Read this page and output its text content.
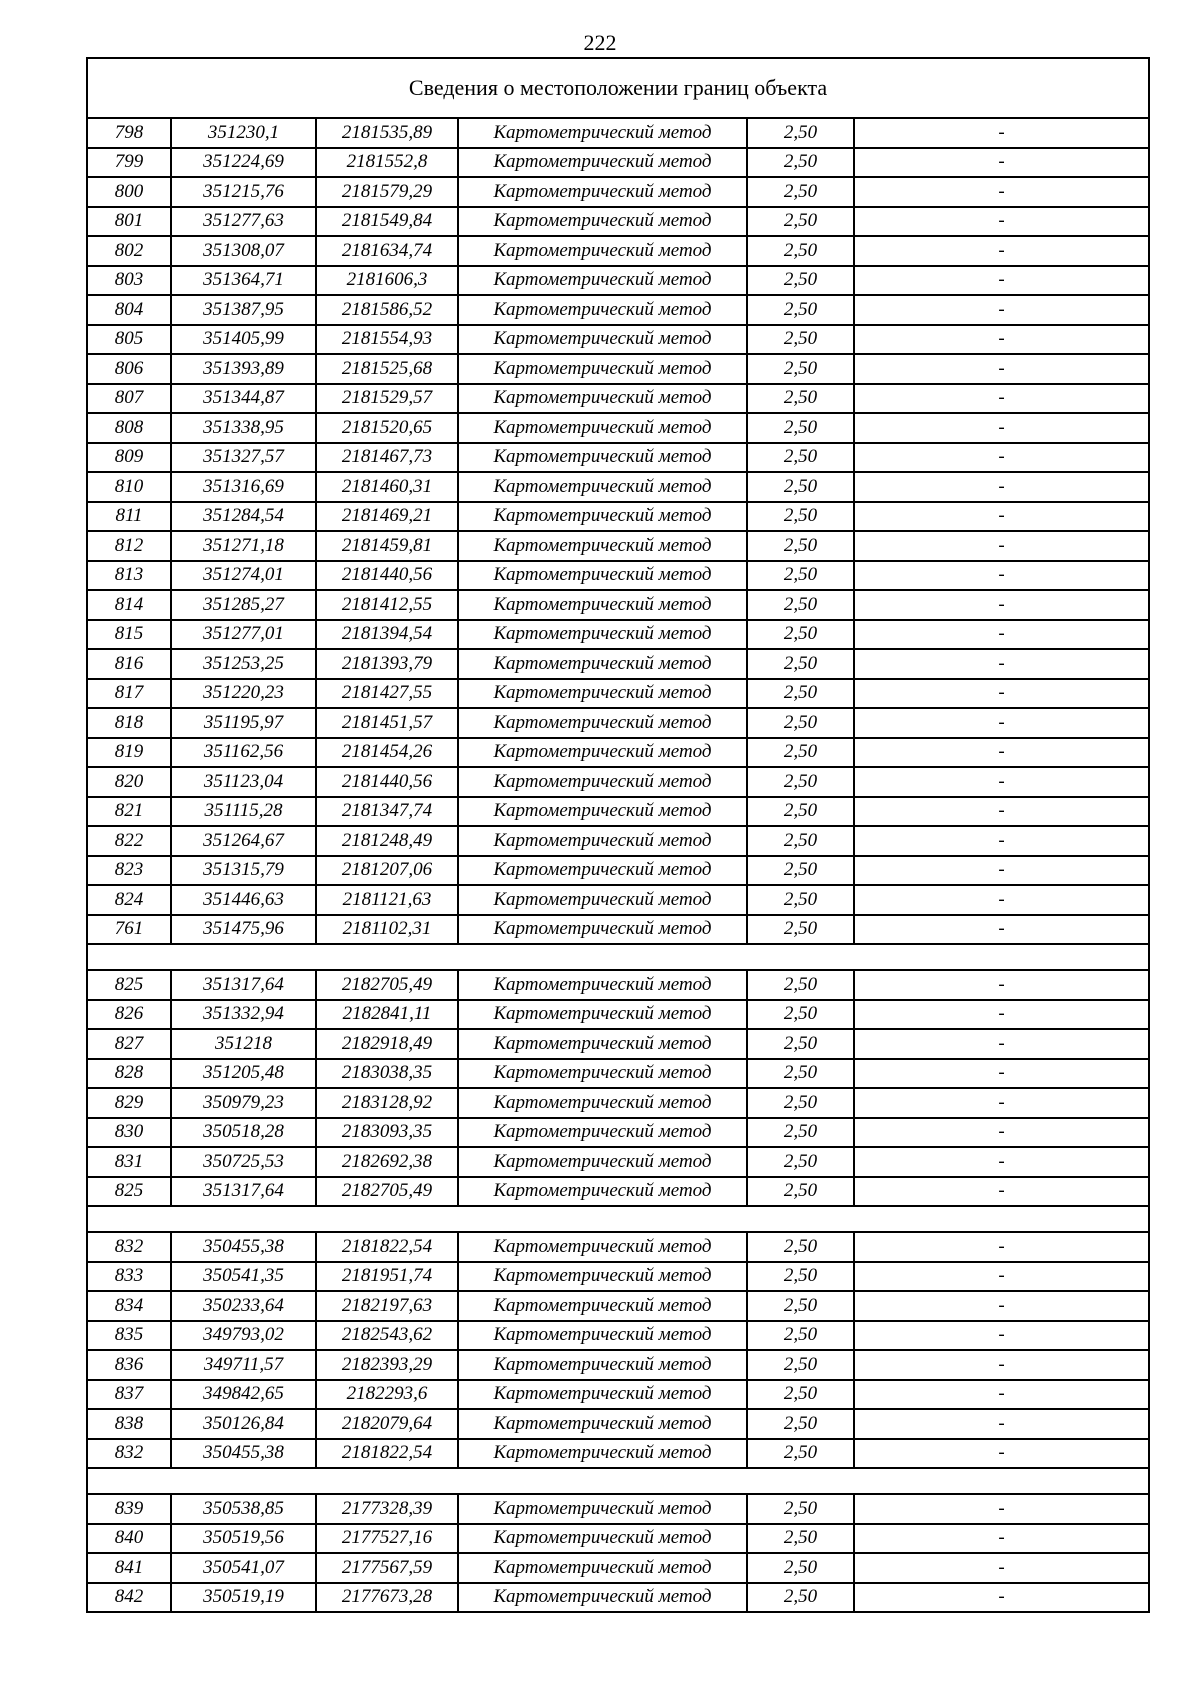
222
Сведения о местоположении границ объекта					
798	351230,1	2181535,89	Картометрический метод	2,50	-
799	351224,69	2181552,8	Картометрический метод	2,50	-
800	351215,76	2181579,29	Картометрический метод	2,50	-
801	351277,63	2181549,84	Картометрический метод	2,50	-
802	351308,07	2181634,74	Картометрический метод	2,50	-
803	351364,71	2181606,3	Картометрический метод	2,50	-
804	351387,95	2181586,52	Картометрический метод	2,50	-
805	351405,99	2181554,93	Картометрический метод	2,50	-
806	351393,89	2181525,68	Картометрический метод	2,50	-
807	351344,87	2181529,57	Картометрический метод	2,50	-
808	351338,95	2181520,65	Картометрический метод	2,50	-
809	351327,57	2181467,73	Картометрический метод	2,50	-
810	351316,69	2181460,31	Картометрический метод	2,50	-
811	351284,54	2181469,21	Картометрический метод	2,50	-
812	351271,18	2181459,81	Картометрический метод	2,50	-
813	351274,01	2181440,56	Картометрический метод	2,50	-
814	351285,27	2181412,55	Картометрический метод	2,50	-
815	351277,01	2181394,54	Картометрический метод	2,50	-
816	351253,25	2181393,79	Картометрический метод	2,50	-
817	351220,23	2181427,55	Картометрический метод	2,50	-
818	351195,97	2181451,57	Картометрический метод	2,50	-
819	351162,56	2181454,26	Картометрический метод	2,50	-
820	351123,04	2181440,56	Картометрический метод	2,50	-
821	351115,28	2181347,74	Картометрический метод	2,50	-
822	351264,67	2181248,49	Картометрический метод	2,50	-
823	351315,79	2181207,06	Картометрический метод	2,50	-
824	351446,63	2181121,63	Картометрический метод	2,50	-
761	351475,96	2181102,31	Картометрический метод	2,50	-

825	351317,64	2182705,49	Картометрический метод	2,50	-
826	351332,94	2182841,11	Картометрический метод	2,50	-
827	351218	2182918,49	Картометрический метод	2,50	-
828	351205,48	2183038,35	Картометрический метод	2,50	-
829	350979,23	2183128,92	Картометрический метод	2,50	-
830	350518,28	2183093,35	Картометрический метод	2,50	-
831	350725,53	2182692,38	Картометрический метод	2,50	-
825	351317,64	2182705,49	Картометрический метод	2,50	-

832	350455,38	2181822,54	Картометрический метод	2,50	-
833	350541,35	2181951,74	Картометрический метод	2,50	-
834	350233,64	2182197,63	Картометрический метод	2,50	-
835	349793,02	2182543,62	Картометрический метод	2,50	-
836	349711,57	2182393,29	Картометрический метод	2,50	-
837	349842,65	2182293,6	Картометрический метод	2,50	-
838	350126,84	2182079,64	Картометрический метод	2,50	-
832	350455,38	2181822,54	Картометрический метод	2,50	-

839	350538,85	2177328,39	Картометрический метод	2,50	-
840	350519,56	2177527,16	Картометрический метод	2,50	-
841	350541,07	2177567,59	Картометрический метод	2,50	-
842	350519,19	2177673,28	Картометрический метод	2,50	-
